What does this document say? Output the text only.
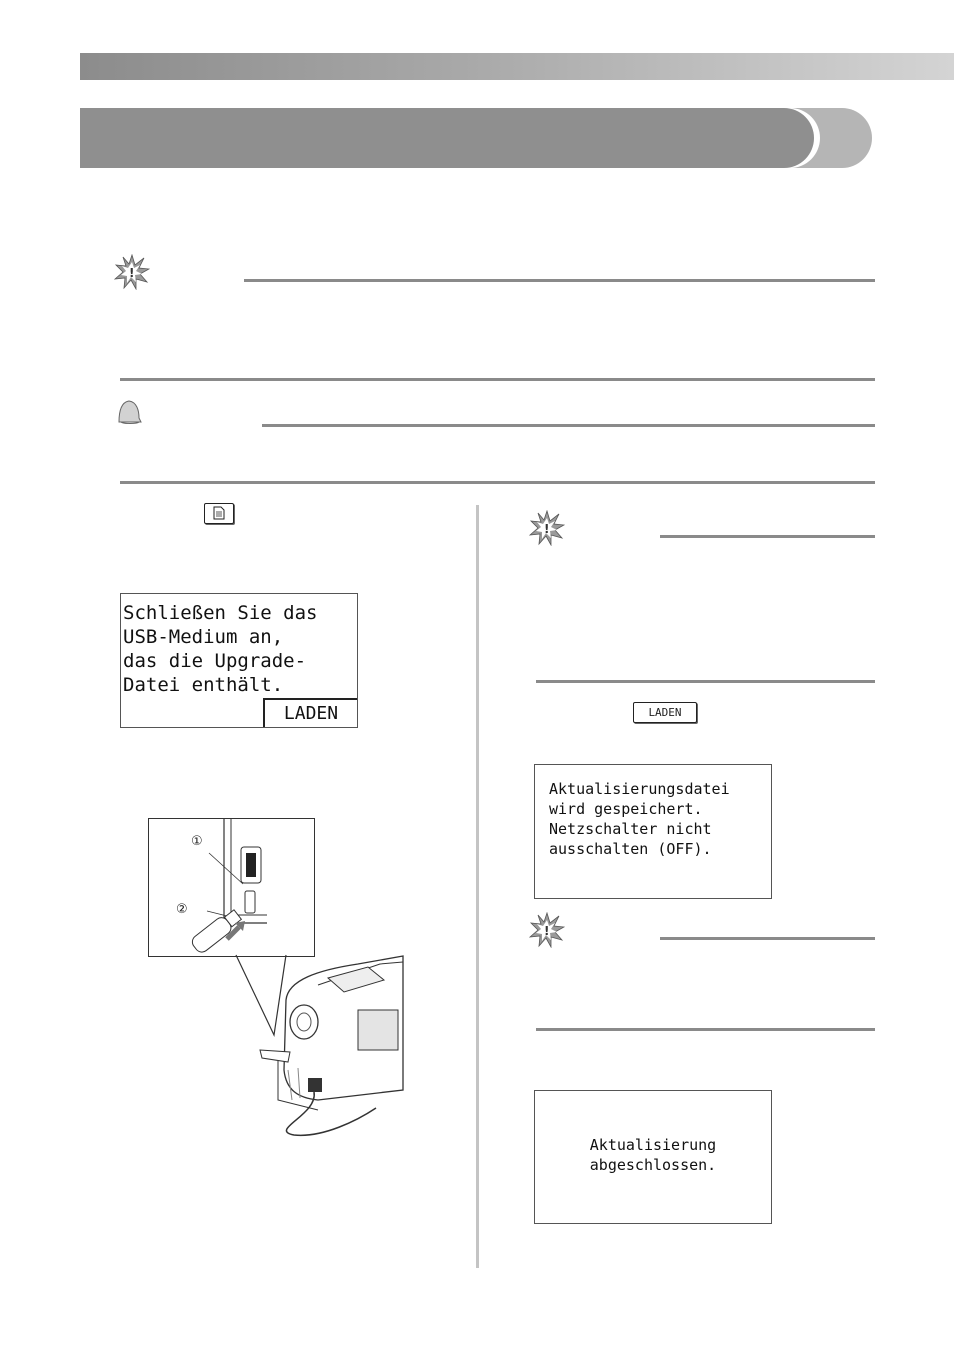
!
Schließen Sie das
USB-Medium an,
das die Upgrade-
Datei enthält.
LADEN
①
②
!
LADEN
Aktualisierungsdatei
wird gespeichert.
Netzschalter nicht
ausschalten (OFF).
!
Aktualisierung
abgeschlossen.
